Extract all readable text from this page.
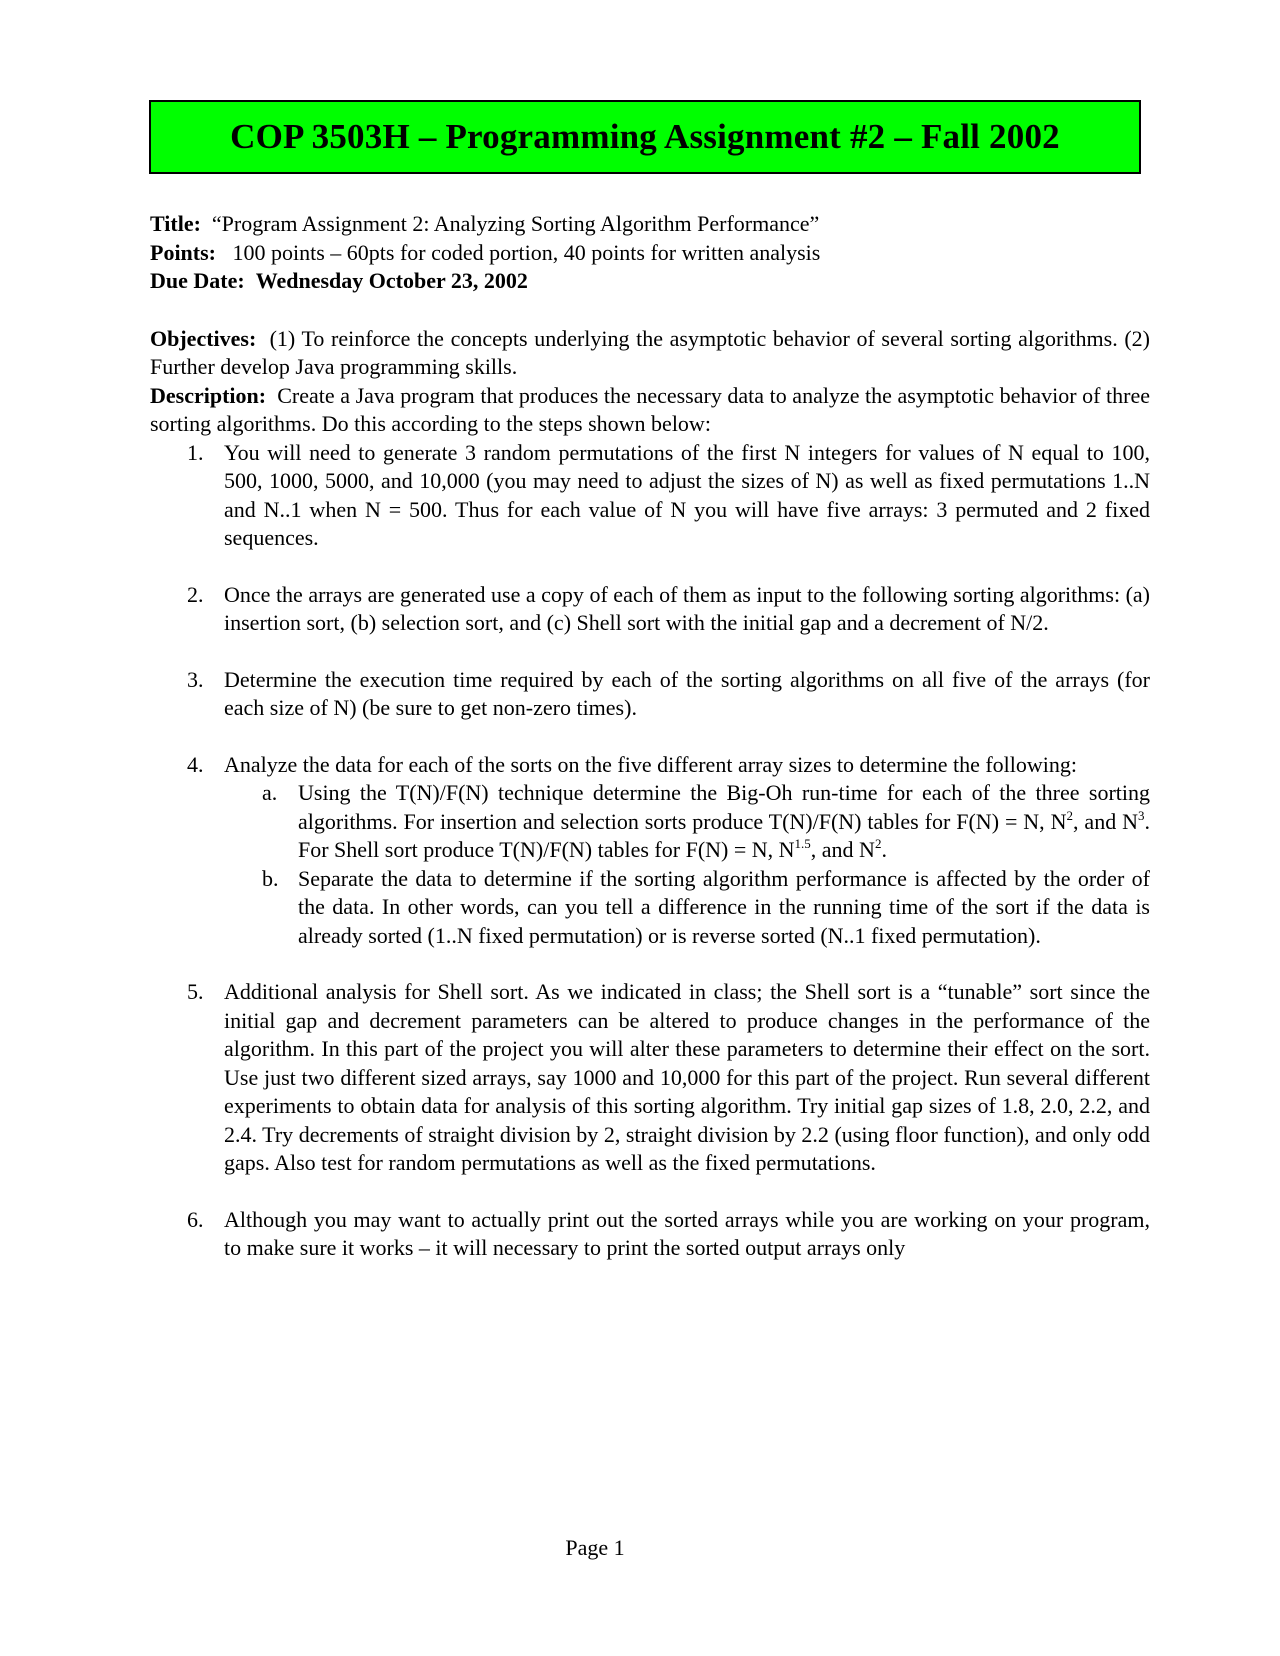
COP 3503H – Programming Assignment #2 – Fall 2002

Title: “Program Assignment 2: Analyzing Sorting Algorithm Performance”

Points: 100 points – 60pts for coded portion, 40 points for written analysis

Due Date: Wednesday October 23, 2002

Objectives: (1) To reinforce the concepts underlying the asymptotic behavior of several sorting algorithms. (2) Further develop Java programming skills.

Description: Create a Java program that produces the necessary data to analyze the asymptotic behavior of three sorting algorithms. Do this according to the steps shown below:

1. You will need to generate 3 random permutations of the first N integers for values of N equal to 100, 500, 1000, 5000, and 10,000 (you may need to adjust the sizes of N) as well as fixed permutations 1..N and N..1 when N = 500. Thus for each value of N you will have five arrays: 3 permuted and 2 fixed sequences.

2. Once the arrays are generated use a copy of each of them as input to the following sorting algorithms: (a) insertion sort, (b) selection sort, and (c) Shell sort with the initial gap and a decrement of N/2.

3. Determine the execution time required by each of the sorting algorithms on all five of the arrays (for each size of N) (be sure to get non-zero times).

4. Analyze the data for each of the sorts on the five different array sizes to determine the following:

a. Using the T(N)/F(N) technique determine the Big-Oh run-time for each of the three sorting algorithms. For insertion and selection sorts produce T(N)/F(N) tables for F(N) = N, $N^2$, and $N^3$. For Shell sort produce T(N)/F(N) tables for F(N) = N, $N^{1.5}$, and $N^2$.

b. Separate the data to determine if the sorting algorithm performance is affected by the order of the data. In other words, can you tell a difference in the running time of the sort if the data is already sorted (1..N fixed permutation) or is reverse sorted (N..1 fixed permutation).

5. Additional analysis for Shell sort. As we indicated in class; the Shell sort is a “tunable” sort since the initial gap and decrement parameters can be altered to produce changes in the performance of the algorithm. In this part of the project you will alter these parameters to determine their effect on the sort. Use just two different sized arrays, say 1000 and 10,000 for this part of the project. Run several different experiments to obtain data for analysis of this sorting algorithm. Try initial gap sizes of 1.8, 2.0, 2.2, and 2.4. Try decrements of straight division by 2, straight division by 2.2 (using floor function), and only odd gaps. Also test for random permutations as well as the fixed permutations.

6. Although you may want to actually print out the sorted arrays while you are working on your program, to make sure it works – it will necessary to print the sorted output arrays only

Page 1
